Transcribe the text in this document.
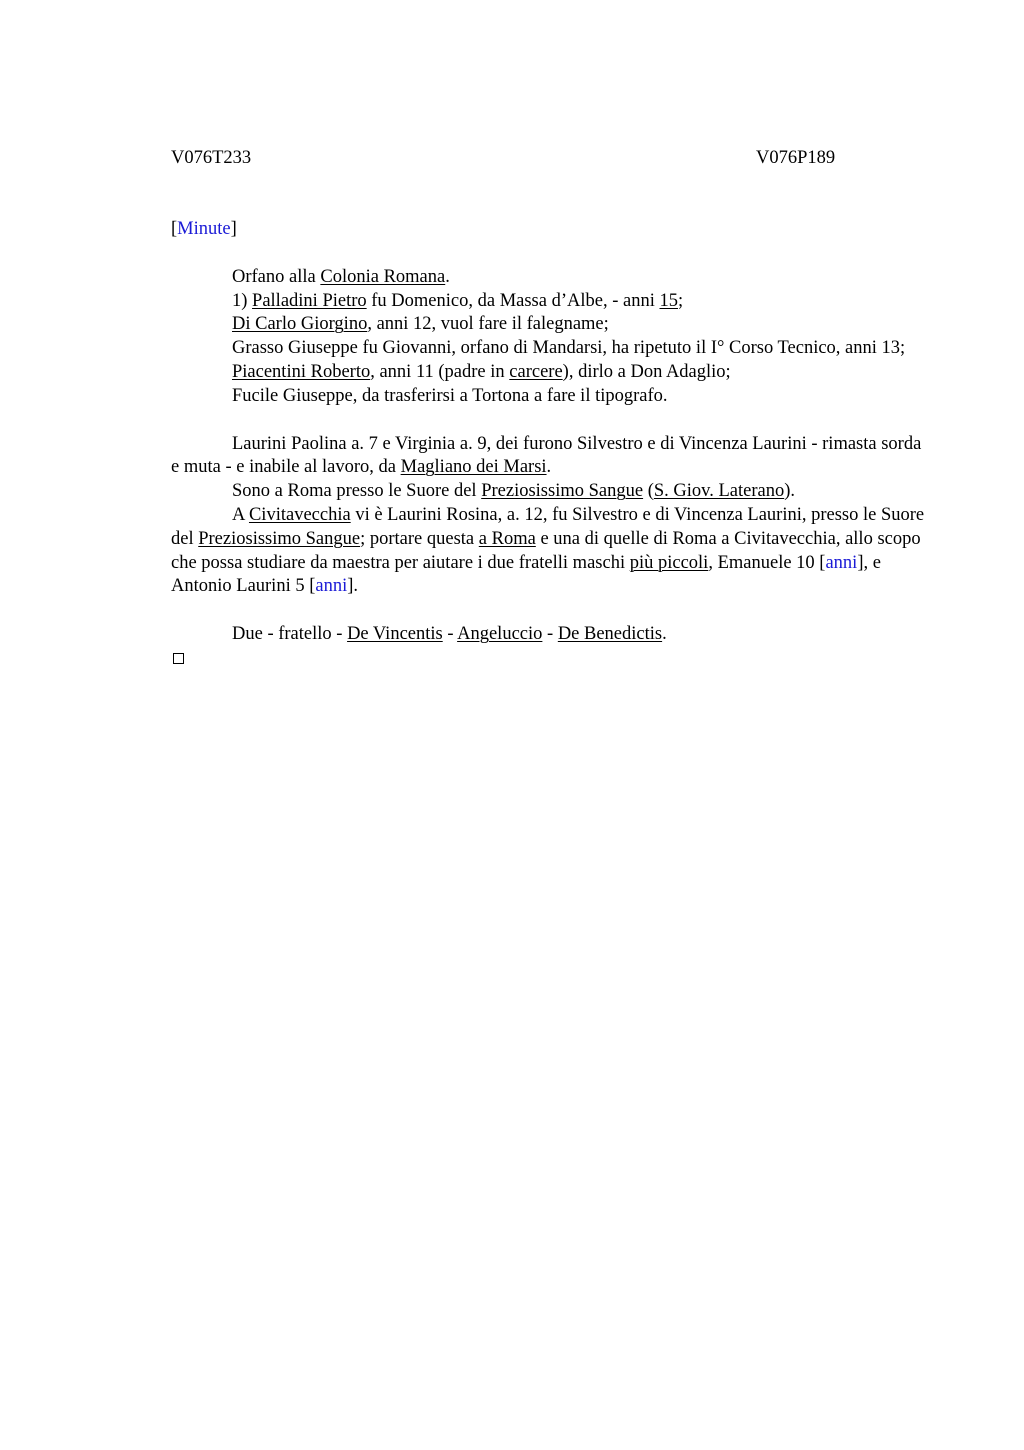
V076T233	V076P189

[Minute]

Orfano alla Colonia Romana.

1) Palladini Pietro fu Domenico, da Massa d’Albe, - anni 15;

Di Carlo Giorgino, anni 12, vuol fare il falegname;

Grasso Giuseppe fu Giovanni, orfano di Mandarsi, ha ripetuto il I° Corso Tecnico, anni 13;

Piacentini Roberto, anni 11 (padre in carcere), dirlo a Don Adaglio;

Fucile Giuseppe, da trasferirsi a Tortona a fare il tipografo.

Laurini Paolina a. 7 e Virginia a. 9, dei furono Silvestro e di Vincenza Laurini - rimasta sorda e muta - e inabile al lavoro, da Magliano dei Marsi.

Sono a Roma presso le Suore del Preziosissimo Sangue (S. Giov. Laterano).

A Civitavecchia vi è Laurini Rosina, a. 12, fu Silvestro e di Vincenza Laurini, presso le Suore del Preziosissimo Sangue; portare questa a Roma e una di quelle di Roma a Civitavecchia, allo scopo che possa studiare da maestra per aiutare i due fratelli maschi più piccoli, Emanuele 10 [anni], e Antonio Laurini 5 [anni].

Due - fratello - De Vincentis - Angeluccio - De Benedictis.
